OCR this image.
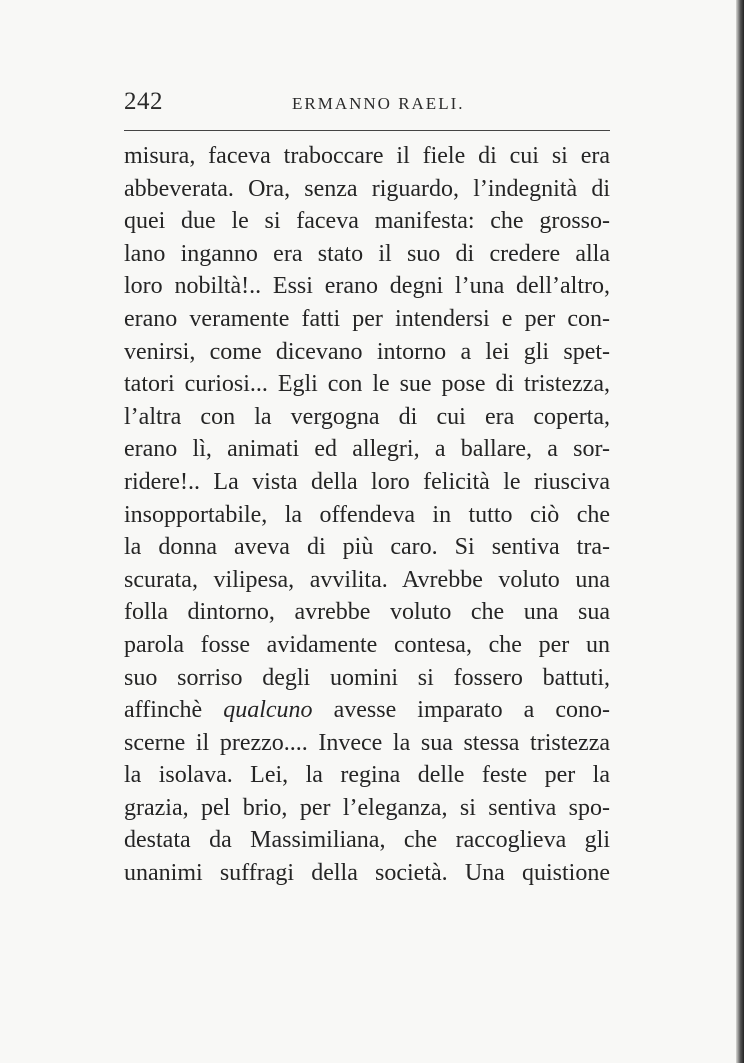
242	ERMANNO RAELI.
misura, faceva traboccare il fiele di cui si era
abbeverata. Ora, senza riguardo, l’indegnità di
quei due le si faceva manifesta: che grosso-
lano inganno era stato il suo di credere alla
loro nobiltà!.. Essi erano degni l’una dell’altro,
erano veramente fatti per intendersi e per con-
venirsi, come dicevano intorno a lei gli spet-
tatori curiosi... Egli con le sue pose di tristezza,
l’altra con la vergogna di cui era coperta,
erano lì, animati ed allegri, a ballare, a sor-
ridere!.. La vista della loro felicità le riusciva
insopportabile, la offendeva in tutto ciò che
la donna aveva di più caro. Si sentiva tra-
scurata, vilipesa, avvilita. Avrebbe voluto una
folla dintorno, avrebbe voluto che una sua
parola fosse avidamente contesa, che per un
suo sorriso degli uomini si fossero battuti,
affinchè qualcuno avesse imparato a cono-
scerne il prezzo.... Invece la sua stessa tristezza
la isolava. Lei, la regina delle feste per la
grazia, pel brio, per l’eleganza, si sentiva spo-
destata da Massimiliana, che raccoglieva gli
unanimi suffragi della società. Una quistione
